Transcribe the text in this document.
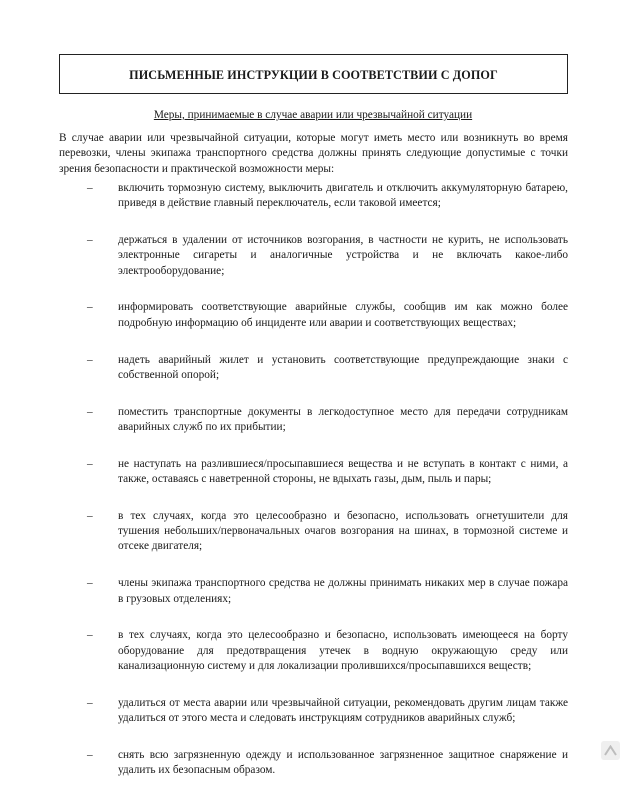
ПИСЬМЕННЫЕ ИНСТРУКЦИИ В СООТВЕТСТВИИ С ДОПОГ
Меры, принимаемые в случае аварии или чрезвычайной ситуации
В случае аварии или чрезвычайной ситуации, которые могут иметь место или возникнуть во время перевозки, члены экипажа транспортного средства должны принять следующие допустимые с точки зрения безопасности и практической возможности меры:
– включить тормозную систему, выключить двигатель и отключить аккумуляторную батарею, приведя в действие главный переключатель, если таковой имеется;
– держаться в удалении от источников возгорания, в частности не курить, не использовать электронные сигареты и аналогичные устройства и не включать какое-либо электрооборудование;
– информировать соответствующие аварийные службы, сообщив им как можно более подробную информацию об инциденте или аварии и соответствующих веществах;
– надеть аварийный жилет и установить соответствующие предупреждающие знаки с собственной опорой;
– поместить транспортные документы в легкодоступное место для передачи сотрудникам аварийных служб по их прибытии;
– не наступать на разлившиеся/просыпавшиеся вещества и не вступать в контакт с ними, а также, оставаясь с наветренной стороны, не вдыхать газы, дым, пыль и пары;
– в тех случаях, когда это целесообразно и безопасно, использовать огнетушители для тушения небольших/первоначальных очагов возгорания на шинах, в тормозной системе и отсеке двигателя;
– члены экипажа транспортного средства не должны принимать никаких мер в случае пожара в грузовых отделениях;
– в тех случаях, когда это целесообразно и безопасно, использовать имеющееся на борту оборудование для предотвращения утечек в водную окружающую среду или канализационную систему и для локализации пролившихся/просыпавшихся веществ;
– удалиться от места аварии или чрезвычайной ситуации, рекомендовать другим лицам также удалиться от этого места и следовать инструкциям сотрудников аварийных служб;
– снять всю загрязненную одежду и использованное загрязненное защитное снаряжение и удалить их безопасным образом.
